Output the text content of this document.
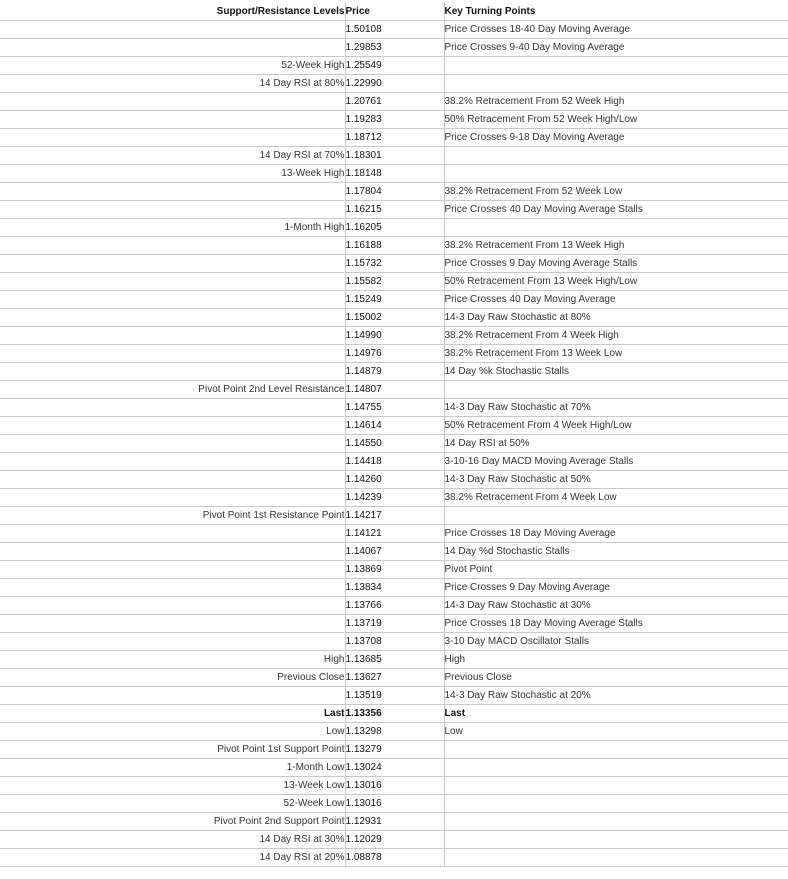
Support/Resistance Levels	Price	Key Turning Points
	1.50108	Price Crosses 18-40 Day Moving Average
	1.29853	Price Crosses 9-40 Day Moving Average
52-Week High	1.25549	
14 Day RSI at 80%	1.22990	
	1.20761	38.2% Retracement From 52 Week High
	1.19283	50% Retracement From 52 Week High/Low
	1.18712	Price Crosses 9-18 Day Moving Average
14 Day RSI at 70%	1.18301	
13-Week High	1.18148	
	1.17804	38.2% Retracement From 52 Week Low
	1.16215	Price Crosses 40 Day Moving Average Stalls
1-Month High	1.16205	
	1.16188	38.2% Retracement From 13 Week High
	1.15732	Price Crosses 9 Day Moving Average Stalls
	1.15582	50% Retracement From 13 Week High/Low
	1.15249	Price Crosses 40 Day Moving Average
	1.15002	14-3 Day Raw Stochastic at 80%
	1.14990	38.2% Retracement From 4 Week High
	1.14976	38.2% Retracement From 13 Week Low
	1.14879	14 Day %k Stochastic Stalls
Pivot Point 2nd Level Resistance	1.14807	
	1.14755	14-3 Day Raw Stochastic at 70%
	1.14614	50% Retracement From 4 Week High/Low
	1.14550	14 Day RSI at 50%
	1.14418	3-10-16 Day MACD Moving Average Stalls
	1.14260	14-3 Day Raw Stochastic at 50%
	1.14239	38.2% Retracement From 4 Week Low
Pivot Point 1st Resistance Point	1.14217	
	1.14121	Price Crosses 18 Day Moving Average
	1.14067	14 Day %d Stochastic Stalls
	1.13869	Pivot Point
	1.13834	Price Crosses 9 Day Moving Average
	1.13766	14-3 Day Raw Stochastic at 30%
	1.13719	Price Crosses 18 Day Moving Average Stalls
	1.13708	3-10 Day MACD Oscillator Stalls
High	1.13685	High
Previous Close	1.13627	Previous Close
	1.13519	14-3 Day Raw Stochastic at 20%
Last	1.13356	Last
Low	1.13298	Low
Pivot Point 1st Support Point	1.13279	
1-Month Low	1.13024	
13-Week Low	1.13016	
52-Week Low	1.13016	
Pivot Point 2nd Support Point	1.12931	
14 Day RSI at 30%	1.12029	
14 Day RSI at 20%	1.08878	
